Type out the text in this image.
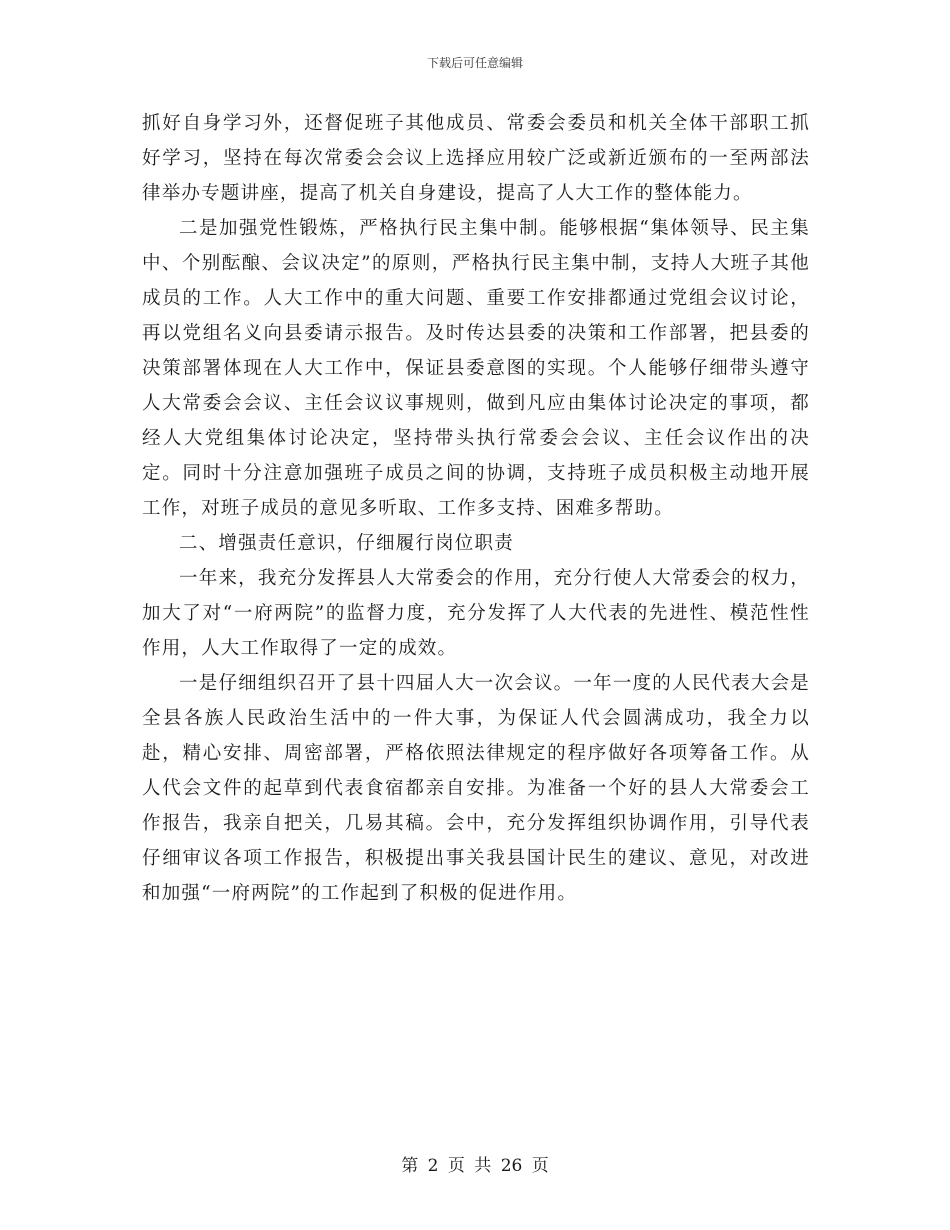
下载后可任意编辑

抓好自身学习外，还督促班子其他成员、常委会委员和机关全体干部职工抓好学习，坚持在每次常委会会议上选择应用较广泛或新近颁布的一至两部法律举办专题讲座，提高了机关自身建设，提高了人大工作的整体能力。

二是加强党性锻炼，严格执行民主集中制。能够根据“集体领导、民主集中、个别酝酿、会议决定”的原则，严格执行民主集中制，支持人大班子其他成员的工作。人大工作中的重大问题、重要工作安排都通过党组会议讨论，再以党组名义向县委请示报告。及时传达县委的决策和工作部署，把县委的决策部署体现在人大工作中，保证县委意图的实现。个人能够仔细带头遵守人大常委会会议、主任会议议事规则，做到凡应由集体讨论决定的事项，都经人大党组集体讨论决定，坚持带头执行常委会会议、主任会议作出的决定。同时十分注意加强班子成员之间的协调，支持班子成员积极主动地开展工作，对班子成员的意见多听取、工作多支持、困难多帮助。

二、增强责任意识，仔细履行岗位职责

一年来，我充分发挥县人大常委会的作用，充分行使人大常委会的权力，加大了对“一府两院”的监督力度，充分发挥了人大代表的先进性、模范性性作用，人大工作取得了一定的成效。

一是仔细组织召开了县十四届人大一次会议。一年一度的人民代表大会是全县各族人民政治生活中的一件大事，为保证人代会圆满成功，我全力以赴，精心安排、周密部署，严格依照法律规定的程序做好各项筹备工作。从人代会文件的起草到代表食宿都亲自安排。为准备一个好的县人大常委会工作报告，我亲自把关，几易其稿。会中，充分发挥组织协调作用，引导代表仔细审议各项工作报告，积极提出事关我县国计民生的建议、意见，对改进和加强“一府两院”的工作起到了积极的促进作用。

第 2 页 共 26 页
